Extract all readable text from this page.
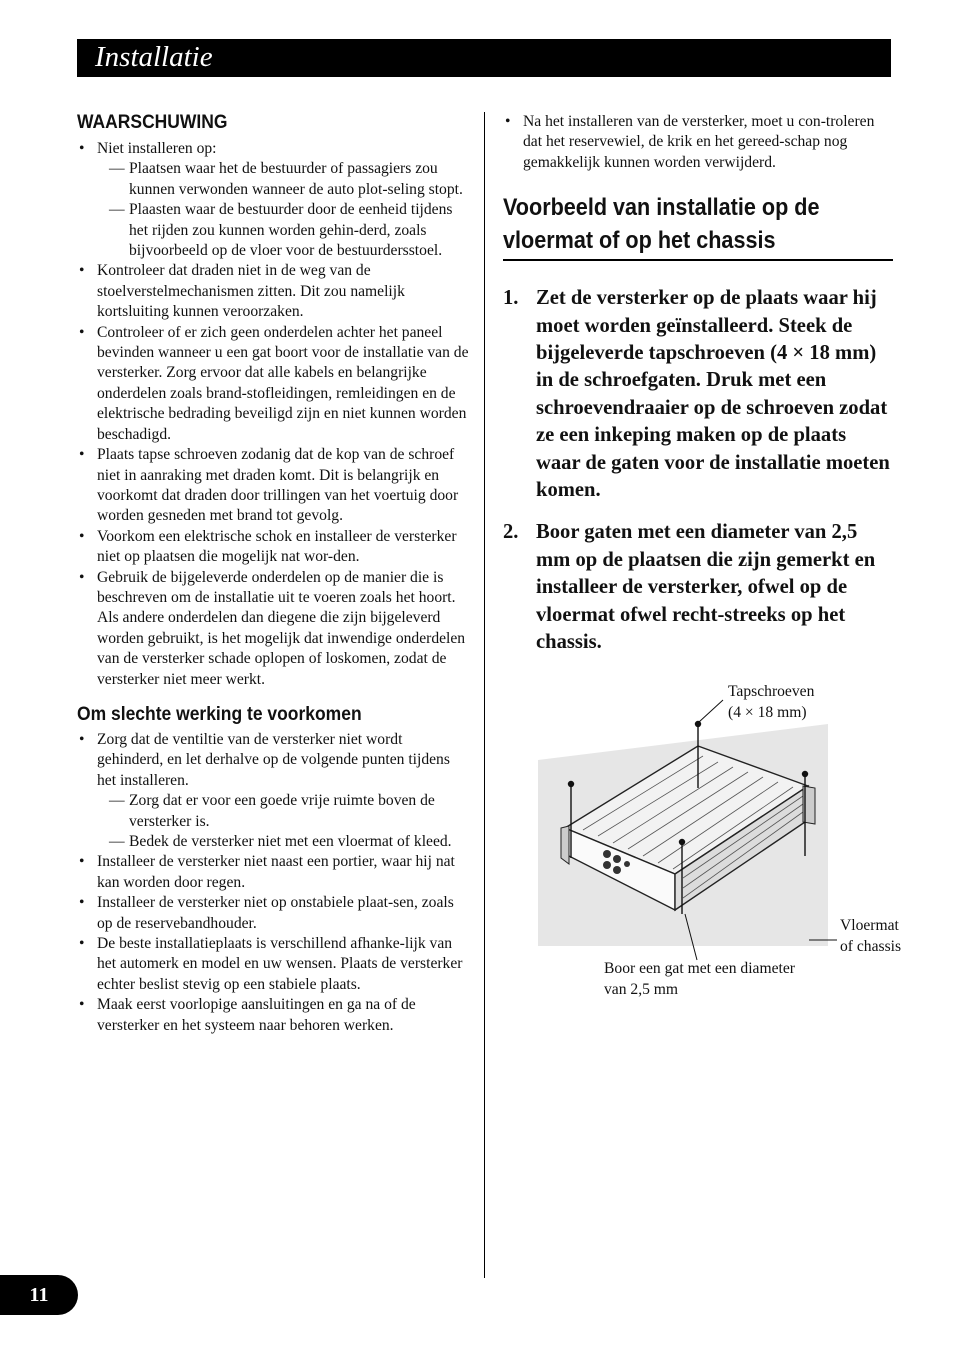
Installatie
WAARSCHUWING
• Niet installeren op:
— Plaatsen waar het de bestuurder of passagiers zou kunnen verwonden wanneer de auto plot-seling stopt.
— Plaasten waar de bestuurder door de eenheid tijdens het rijden zou kunnen worden gehin-derd, zoals bijvoorbeeld op de vloer voor de bestuurdersstoel.
• Kontroleer dat draden niet in de weg van de stoelverstelmechanismen zitten. Dit zou namelijk kortsluiting kunnen veroorzaken.
• Controleer of er zich geen onderdelen achter het paneel bevinden wanneer u een gat boort voor de installatie van de versterker. Zorg ervoor dat alle kabels en belangrijke onderdelen zoals brand-stofleidingen, remleidingen en de elektrische bedrading beveiligd zijn en niet kunnen worden beschadigd.
• Plaats tapse schroeven zodanig dat de kop van de schroef niet in aanraking met draden komt. Dit is belangrijk en voorkomt dat draden door trillingen van het voertuig door worden gesneden met brand tot gevolg.
• Voorkom een elektrische schok en installeer de versterker niet op plaatsen die mogelijk nat wor-den.
• Gebruik de bijgeleverde onderdelen op de manier die is beschreven om de installatie uit te voeren zoals het hoort. Als andere onderdelen dan diegene die zijn bijgeleverd worden gebruikt, is het mogelijk dat inwendige onderdelen van de versterker schade oplopen of loskomen, zodat de versterker niet meer werkt.
Om slechte werking te voorkomen
• Zorg dat de ventiltie van de versterker niet wordt gehinderd, en let derhalve op de volgende punten tijdens het installeren.
— Zorg dat er voor een goede vrije ruimte boven de versterker is.
— Bedek de versterker niet met een vloermat of kleed.
• Installeer de versterker niet naast een portier, waar hij nat kan worden door regen.
• Installeer de versterker niet op onstabiele plaat-sen, zoals op de reservebandhouder.
• De beste installatieplaats is verschillend afhanke-lijk van het automerk en model en uw wensen. Plaats de versterker echter beslist stevig op een stabiele plaats.
• Maak eerst voorlopige aansluitingen en ga na of de versterker en het systeem naar behoren werken.
• Na het installeren van de versterker, moet u con-troleren dat het reservewiel, de krik en het gereed-schap nog gemakkelijk kunnen worden verwijderd.
Voorbeeld van installatie op de
vloermat of op het chassis
1. Zet de versterker op de plaats waar hij moet worden geïnstalleerd. Steek de bijgeleverde tapschroeven (4 × 18 mm) in de schroefgaten. Druk met een schroevendraaier op de schroeven zodat ze een inkeping maken op de plaats waar de gaten voor de installatie moeten komen.
2. Boor gaten met een diameter van 2,5 mm op de plaatsen die zijn gemerkt en installeer de versterker, ofwel op de vloermat ofwel recht-streeks op het chassis.
Tapschroeven
(4 × 18 mm)
Vloermat
of chassis
Boor een gat met een diameter
van 2,5 mm
11
